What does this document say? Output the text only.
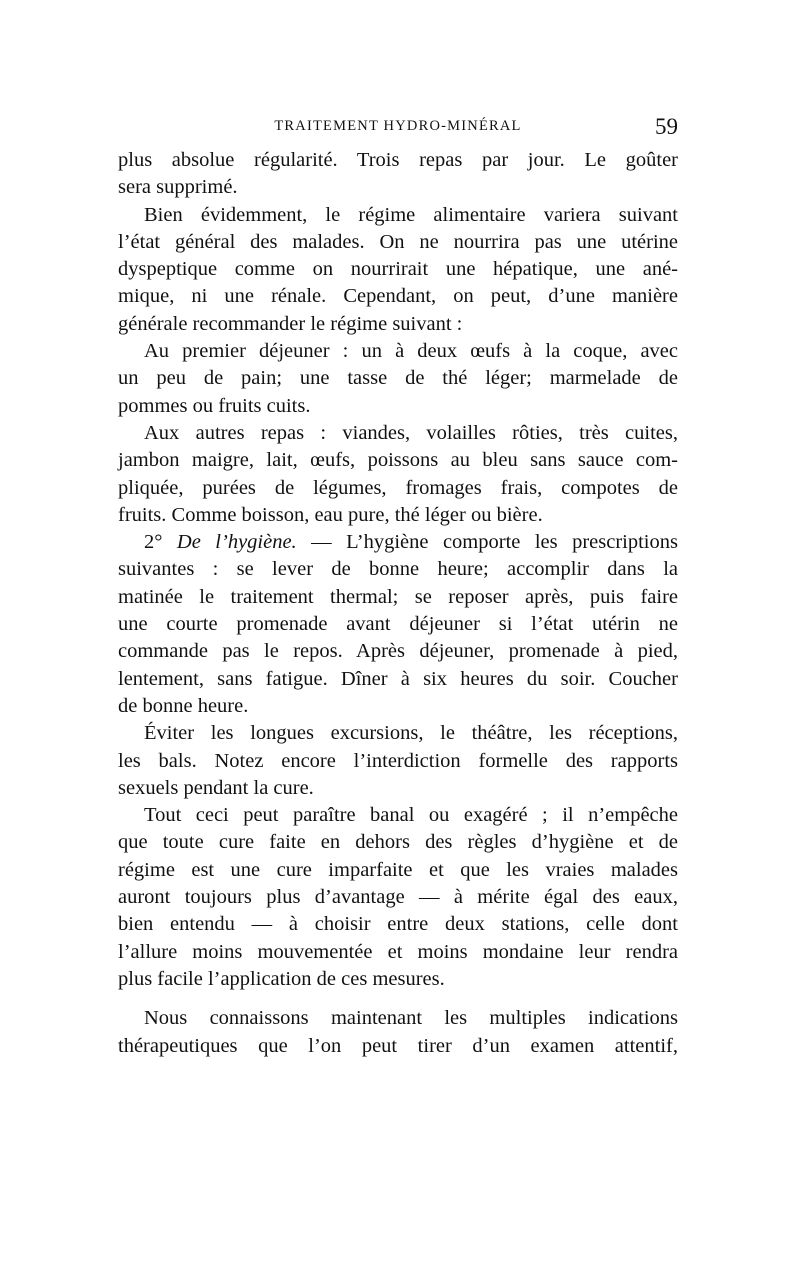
TRAITEMENT HYDRO-MINÉRAL	59
plus absolue régularité. Trois repas par jour. Le goûter
sera supprimé.
Bien évidemment, le régime alimentaire variera suivant
l’état général des malades. On ne nourrira pas une utérine
dyspeptique comme on nourrirait une hépatique, une ané-
mique, ni une rénale. Cependant, on peut, d’une manière
générale recommander le régime suivant :
Au premier déjeuner : un à deux œufs à la coque, avec
un peu de pain; une tasse de thé léger; marmelade de
pommes ou fruits cuits.
Aux autres repas : viandes, volailles rôties, très cuites,
jambon maigre, lait, œufs, poissons au bleu sans sauce com-
pliquée, purées de légumes, fromages frais, compotes de
fruits. Comme boisson, eau pure, thé léger ou bière.
2° De l’hygiène. — L’hygiène comporte les prescriptions
suivantes : se lever de bonne heure; accomplir dans la
matinée le traitement thermal; se reposer après, puis faire
une courte promenade avant déjeuner si l’état utérin ne
commande pas le repos. Après déjeuner, promenade à pied,
lentement, sans fatigue. Dîner à six heures du soir. Coucher
de bonne heure.
Éviter les longues excursions, le théâtre, les réceptions,
les bals. Notez encore l’interdiction formelle des rapports
sexuels pendant la cure.
Tout ceci peut paraître banal ou exagéré ; il n’empêche
que toute cure faite en dehors des règles d’hygiène et de
régime est une cure imparfaite et que les vraies malades
auront toujours plus d’avantage — à mérite égal des eaux,
bien entendu — à choisir entre deux stations, celle dont
l’allure moins mouvementée et moins mondaine leur rendra
plus facile l’application de ces mesures.
Nous connaissons maintenant les multiples indications
thérapeutiques que l’on peut tirer d’un examen attentif,
